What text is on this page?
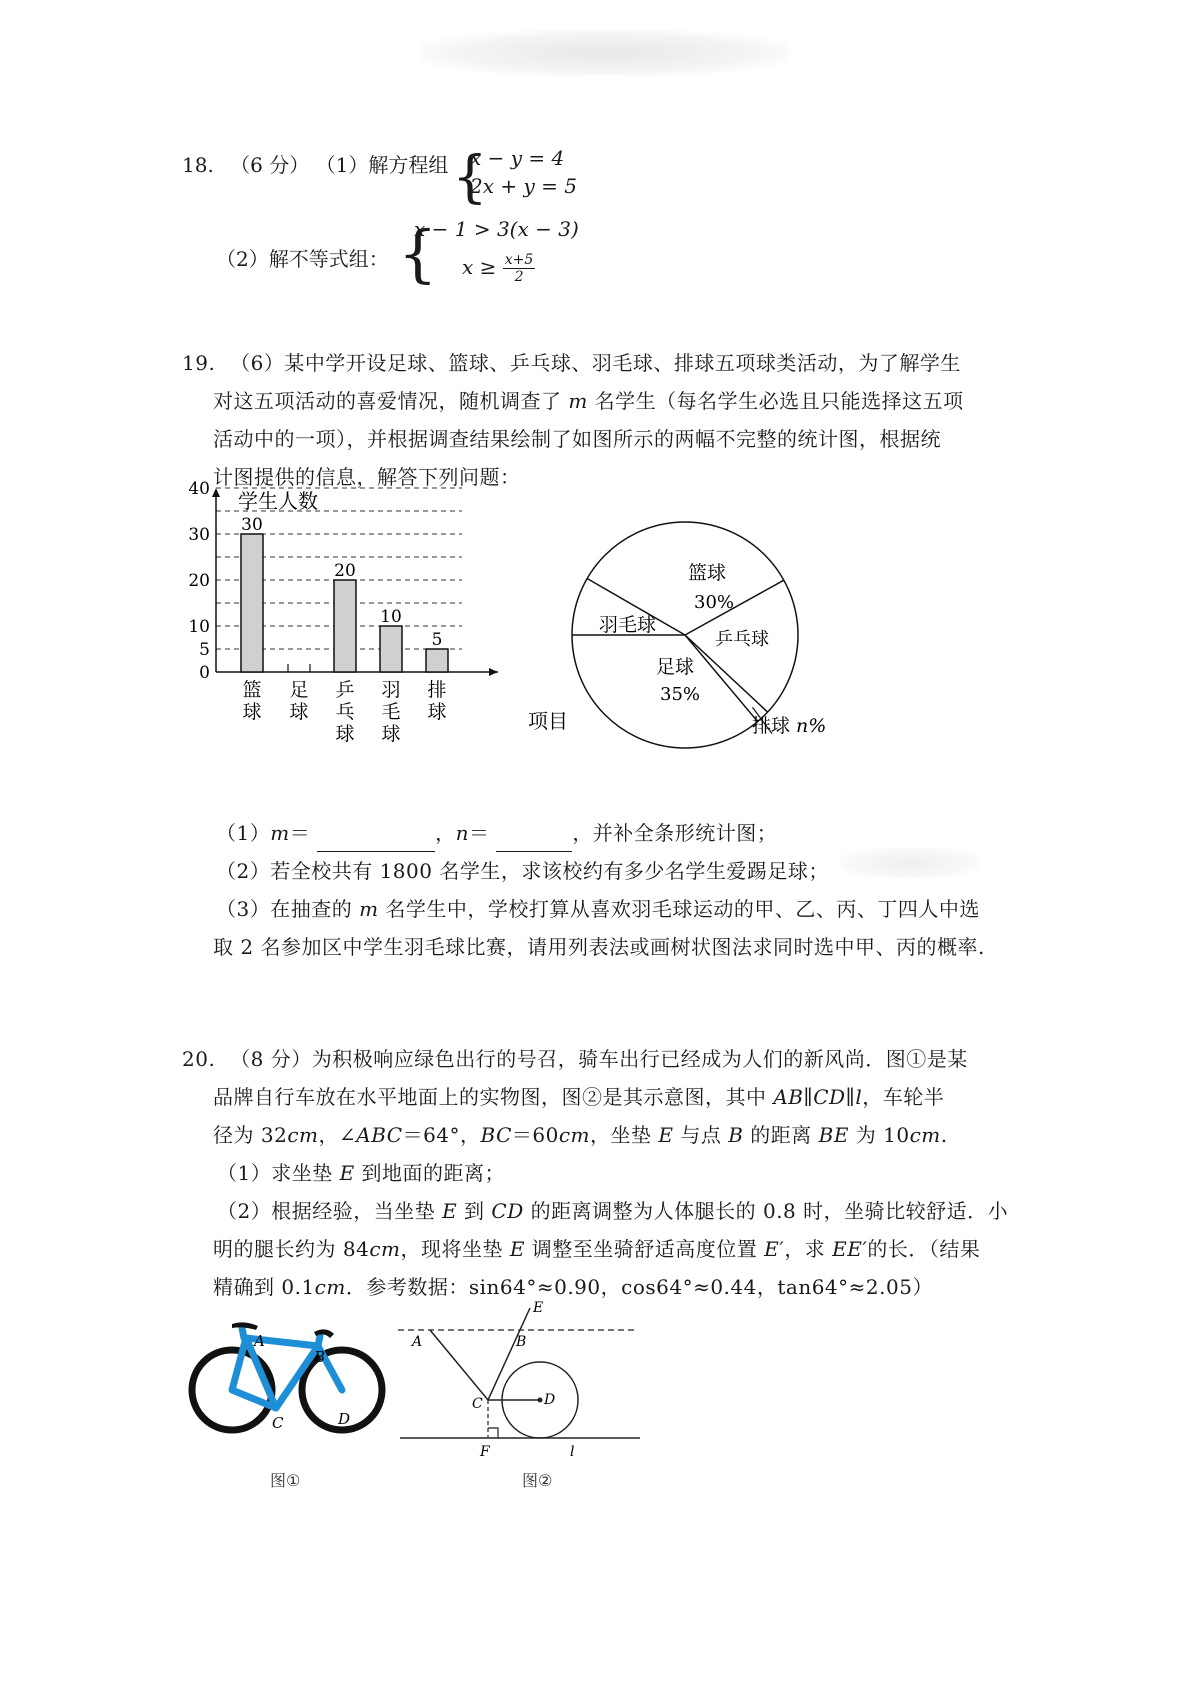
18. （6 分） （1）解方程组 {
x − y = 4
2x + y = 5
（2）解不等式组： {
x − 1 > 3(x − 3)
$x \ge \frac{x+5}{2}$
19. （6）某中学开设足球、篮球、乒乓球、羽毛球、排球五项球类活动，为了解学生
对这五项活动的喜爱情况，随机调查了 m 名学生（每名学生必选且只能选择这五项
活动中的一项），并根据调查结果绘制了如图所示的两幅不完整的统计图，根据统
计图提供的信息，解答下列问题：
0
5
10
20
30
40
30
篮
球
足
球
20
乒
乓
球
10
羽
毛
球
5
排
球
学生人数
项目
篮球
30%
羽毛球
乒乓球
足球
35%
排球 n%
（1）m＝	，n＝	，并补全条形统计图；
（2）若全校共有 1800 名学生，求该校约有多少名学生爱踢足球；
（3）在抽查的 m 名学生中，学校打算从喜欢羽毛球运动的甲、乙、丙、丁四人中选
取 2 名参加区中学生羽毛球比赛，请用列表法或画树状图法求同时选中甲、丙的概率.
20. （8 分）为积极响应绿色出行的号召，骑车出行已经成为人们的新风尚．图①是某
品牌自行车放在水平地面上的实物图，图②是其示意图，其中 AB∥CD∥l，车轮半
径为 32cm，∠ABC＝64°，BC＝60cm，坐垫 E 与点 B 的距离 BE 为 10cm.
（1）求坐垫 E 到地面的距离；
（2）根据经验，当坐垫 E 到 CD 的距离调整为人体腿长的 0.8 时，坐骑比较舒适．小
明的腿长约为 84cm，现将坐垫 E 调整至坐骑舒适高度位置 E′，求 EE′的长．（结果
精确到 0.1cm．参考数据：sin64°≈0.90，cos64°≈0.44，tan64°≈2.05）
A
B
C	D
图①
E
A	B
C	D
F	l
图②
